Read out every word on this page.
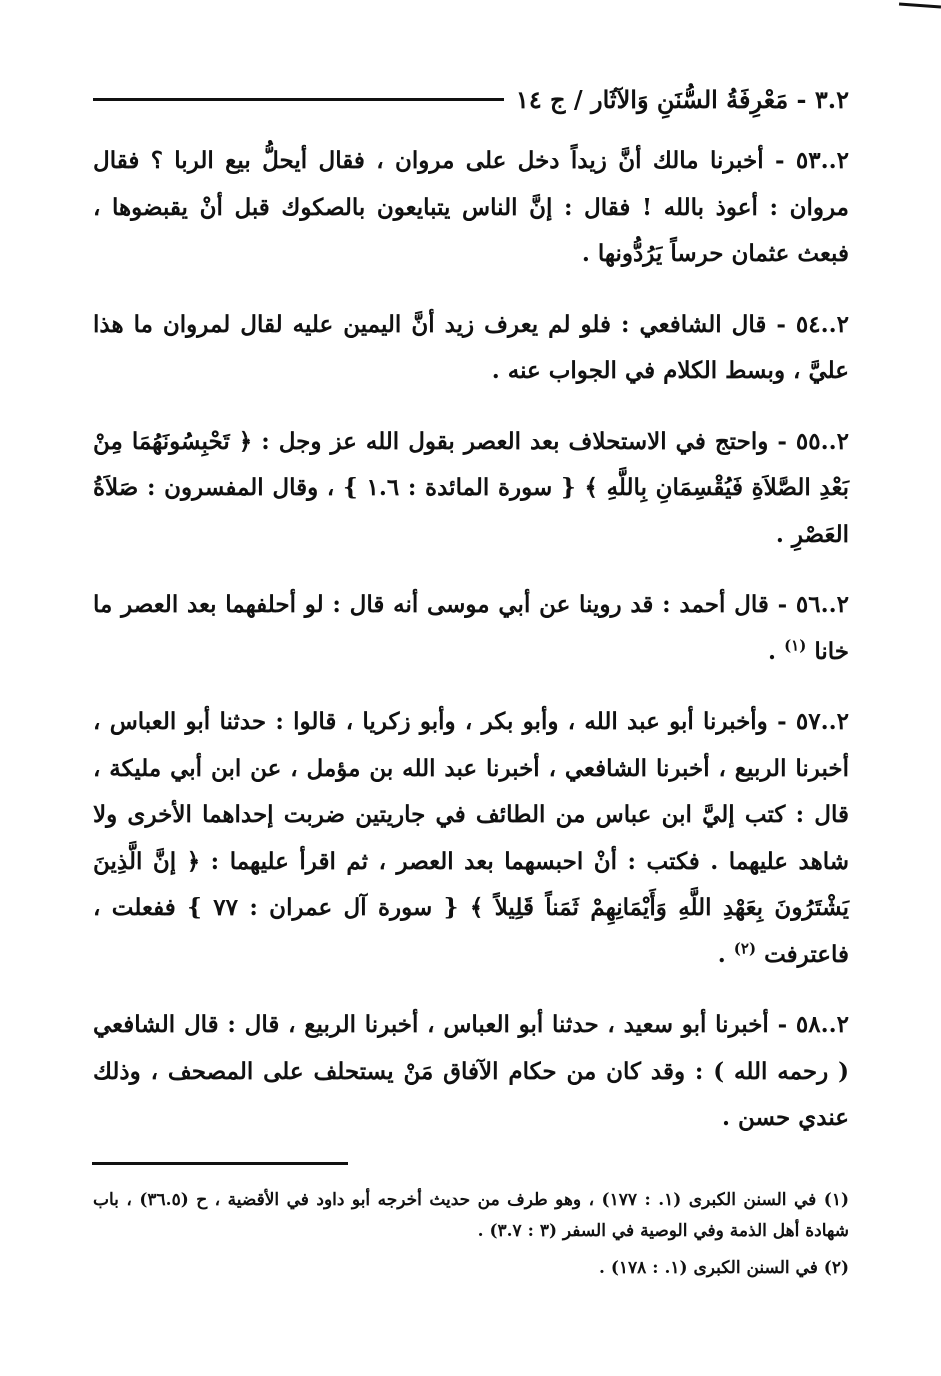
٣.٢ - مَعْرِفَةُ السُّنَنِ وَالآثَار / ج ١٤

٢..٥٣ - أخبرنا مالك أنَّ زيداً دخل على مروان ، فقال أيحلُّ بيع الربا ؟ فقال مروان : أعوذ بالله ! فقال : إنَّ الناس يتبايعون بالصكوك قبل أنْ يقبضوها ، فبعث عثمان حرساً يَرُدُّونها .

٢..٥٤ - قال الشافعي : فلو لم يعرف زيد أنَّ اليمين عليه لقال لمروان ما هذا عليَّ ، وبسط الكلام في الجواب عنه .

٢..٥٥ - واحتج في الاستحلاف بعد العصر بقول الله عز وجل : ﴿ تَحْبِسُونَهُمَا مِنْ بَعْدِ الصَّلاَةِ فَيُقْسِمَانِ بِاللَّهِ ﴾ { سورة المائدة : ١.٦ } ، وقال المفسرون : صَلاَةُ العَصْرِ .

٢..٥٦ - قال أحمد : قد روينا عن أبي موسى أنه قال : لو أحلفهما بعد العصر ما خانا $^{(١)}$ .

٢..٥٧ - وأخبرنا أبو عبد الله ، وأبو بكر ، وأبو زكريا ، قالوا : حدثنا أبو العباس ، أخبرنا الربيع ، أخبرنا الشافعي ، أخبرنا عبد الله بن مؤمل ، عن ابن أبي مليكة ، قال : كتب إليَّ ابن عباس من الطائف في جاريتين ضربت إحداهما الأخرى ولا شاهد عليهما . فكتب : أنْ احبسهما بعد العصر ، ثم اقرأ عليهما : ﴿ إنَّ الَّذِينَ يَشْتَرُونَ بِعَهْدِ اللَّهِ وَأَيْمَانِهِمْ ثَمَناً قَلِيلاً ﴾ { سورة آل عمران : ٧٧ } ففعلت ، فاعترفت $^{(٢)}$ .

٢..٥٨ - أخبرنا أبو سعيد ، حدثنا أبو العباس ، أخبرنا الربيع ، قال : قال الشافعي ( رحمه الله ) : وقد كان من حكام الآفاق مَنْ يستحلف على المصحف ، وذلك عندي حسن .

(١) في السنن الكبرى (١. : ١٧٧) ، وهو طرف من حديث أخرجه أبو داود في الأقضية ، ح (٣٦.٥) ، باب شهادة أهل الذمة وفي الوصية في السفر (٣ : ٣.٧) .

(٢) في السنن الكبرى (١. : ١٧٨) .
